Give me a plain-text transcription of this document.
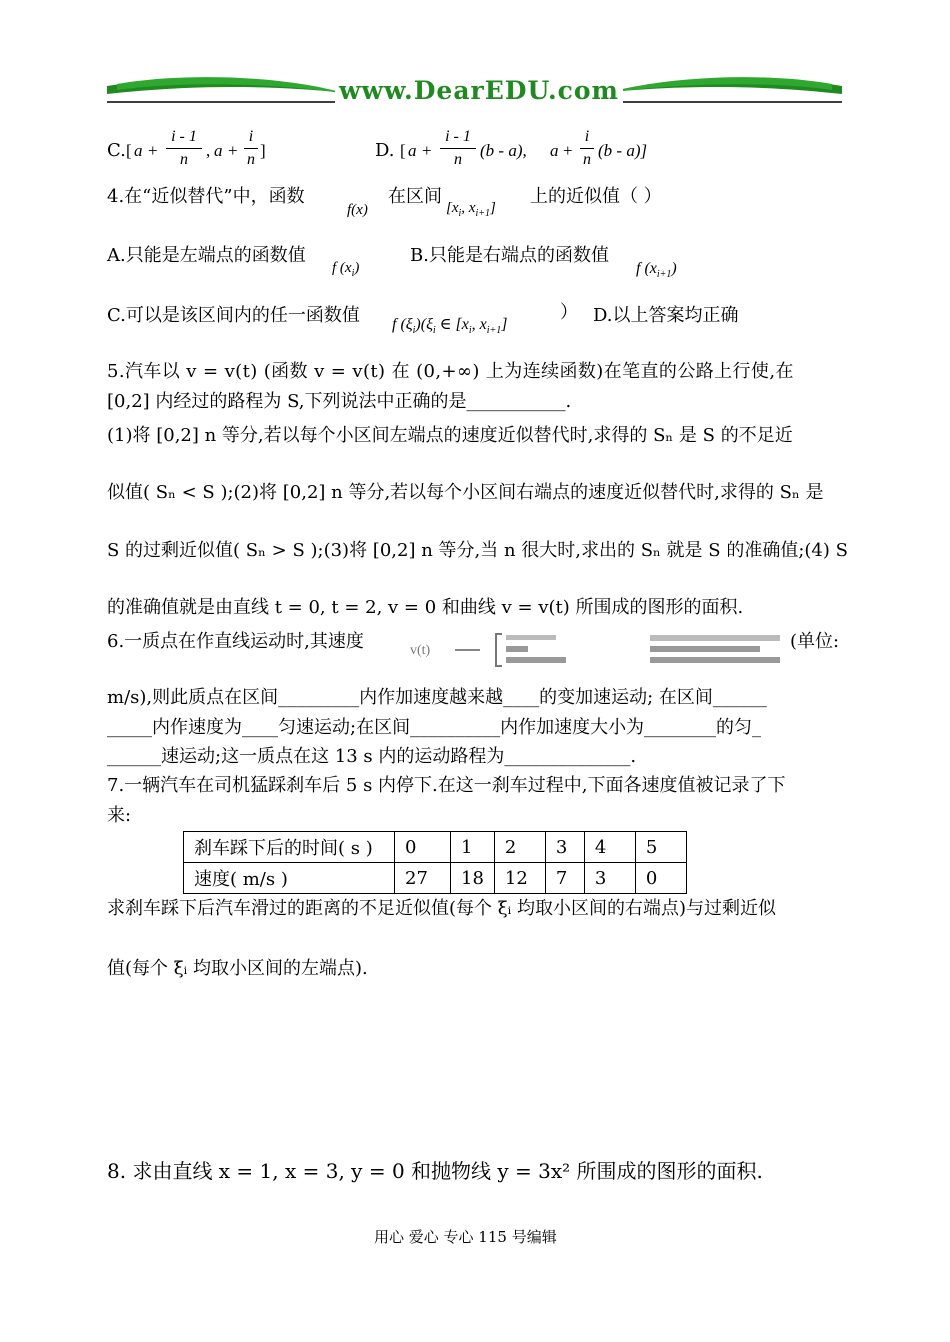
www.DearEDU.com
C. [ a +
i - 1
n	, a +
i
n ]	D. [ a +
i - 1
n	(b - a), a +
i
n (b - a)]
4.在“近似替代”中，函数
f(x)
在区间
[$x_i$, $x_{i+1}$]
上的近似值（ ）
A.只能是左端点的函数值
f $(x_i)$
B.只能是右端点的函数值
f $(x_{i+1})$
C.可以是该区间内的任一函数值 f $(\xi_i)(\xi_i$ ∈ [$x_i$, $x_{i+1}$]
） D.以上答案均正确
5.汽车以 v = v(t) (函数 v = v(t) 在 (0,+∞) 上为连续函数)在笔直的公路上行使,在
[0,2] 内经过的路程为 S,下列说法中正确的是___________.
(1)将 [0,2] n 等分,若以每个小区间左端点的速度近似替代时,求得的 Sₙ 是 S 的不足近
似值( Sₙ < S );(2)将 [0,2] n 等分,若以每个小区间右端点的速度近似替代时,求得的 Sₙ 是
S 的过剩近似值( Sₙ > S );(3)将 [0,2] n 等分,当 n 很大时,求出的 Sₙ 就是 S 的准确值;(4) S
的准确值就是由直线 t = 0, t = 2, v = 0 和曲线 v = v(t) 所围成的图形的面积.
6.一质点在作直线运动时,其速度	v(t)	(单位:
m/s),则此质点在区间_________内作加速度越来越____的变加速运动; 在区间______
_____内作速度为____匀速运动;在区间__________内作加速度大小为________的匀_
______速运动;这一质点在这 13 s 内的运动路程为______________.
7.一辆汽车在司机猛踩刹车后 5 s 内停下.在这一刹车过程中,下面各速度值被记录了下
来:
刹车踩下后的时间( s )	0	1	2	3	4	5
速度( m/s )	27	18	12	7	3	0
求刹车踩下后汽车滑过的距离的不足近似值(每个 ξᵢ 均取小区间的右端点)与过剩近似
值(每个 ξᵢ 均取小区间的左端点).
8. 求由直线 x = 1, x = 3, y = 0 和抛物线 y = 3x² 所围成的图形的面积.
用心 爱心 专心 115 号编辑
